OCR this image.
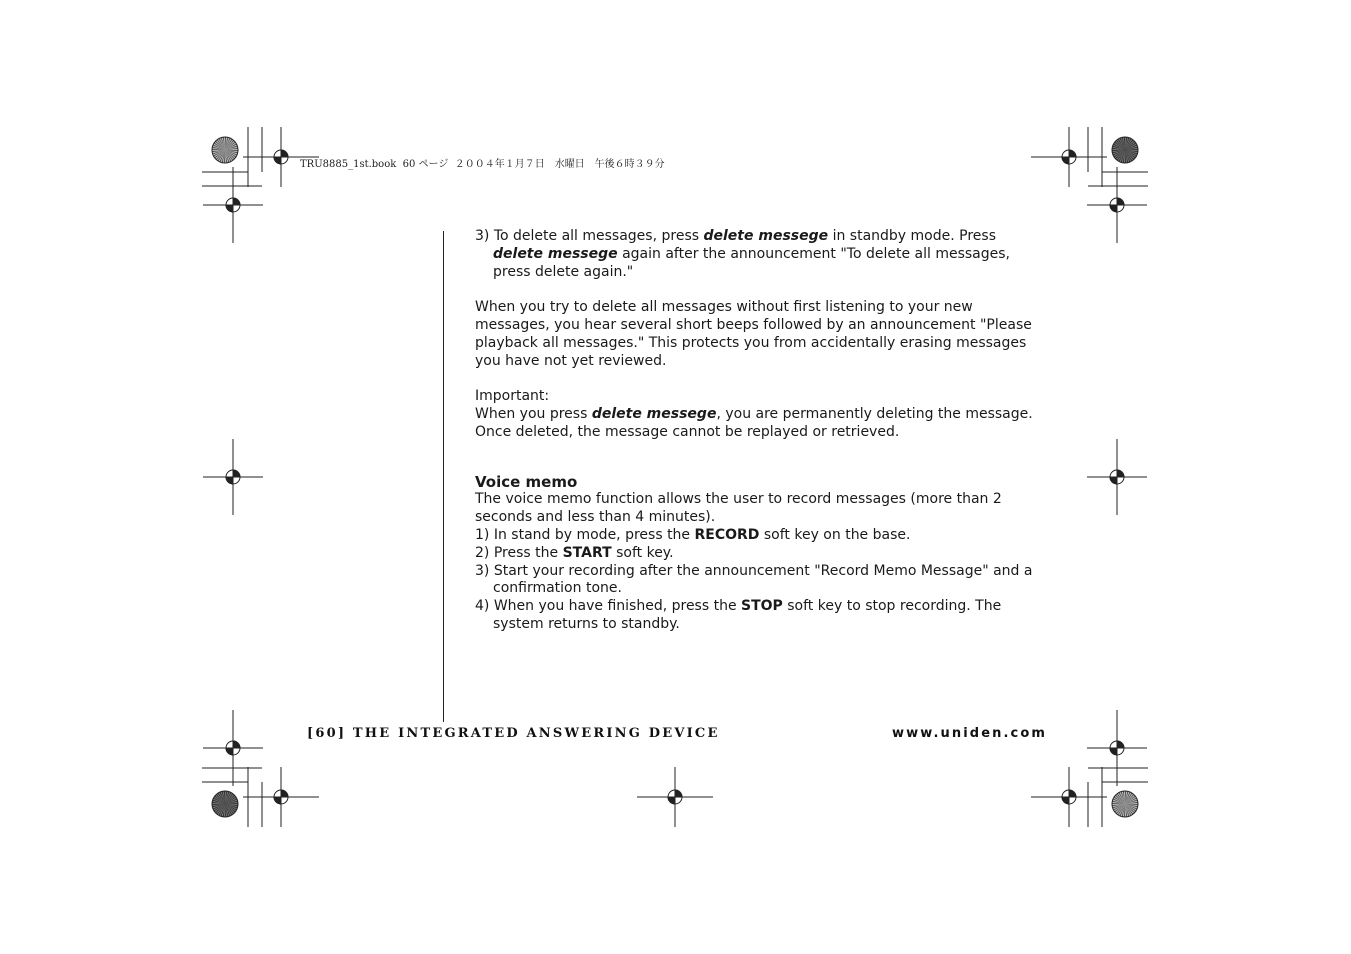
TRU8885_1st.book  60 ページ  ２００４年１月７日　水曜日　午後６時３９分

3) To delete all messages, press delete messege in standby mode. Press delete messege again after the announcement "To delete all messages, press delete again."

When you try to delete all messages without first listening to your new messages, you hear several short beeps followed by an announcement "Please playback all messages." This protects you from accidentally erasing messages you have not yet reviewed.

Important:

When you press delete messege, you are permanently deleting the message. Once deleted, the message cannot be replayed or retrieved.

Voice memo

The voice memo function allows the user to record messages (more than 2 seconds and less than 4 minutes).

1) In stand by mode, press the RECORD soft key on the base.

2) Press the START soft key.

3) Start your recording after the announcement "Record Memo Message" and a confirmation tone.

4) When you have finished, press the STOP soft key to stop recording. The system returns to standby.

[60] THE INTEGRATED ANSWERING DEVICE	www.uniden.com
